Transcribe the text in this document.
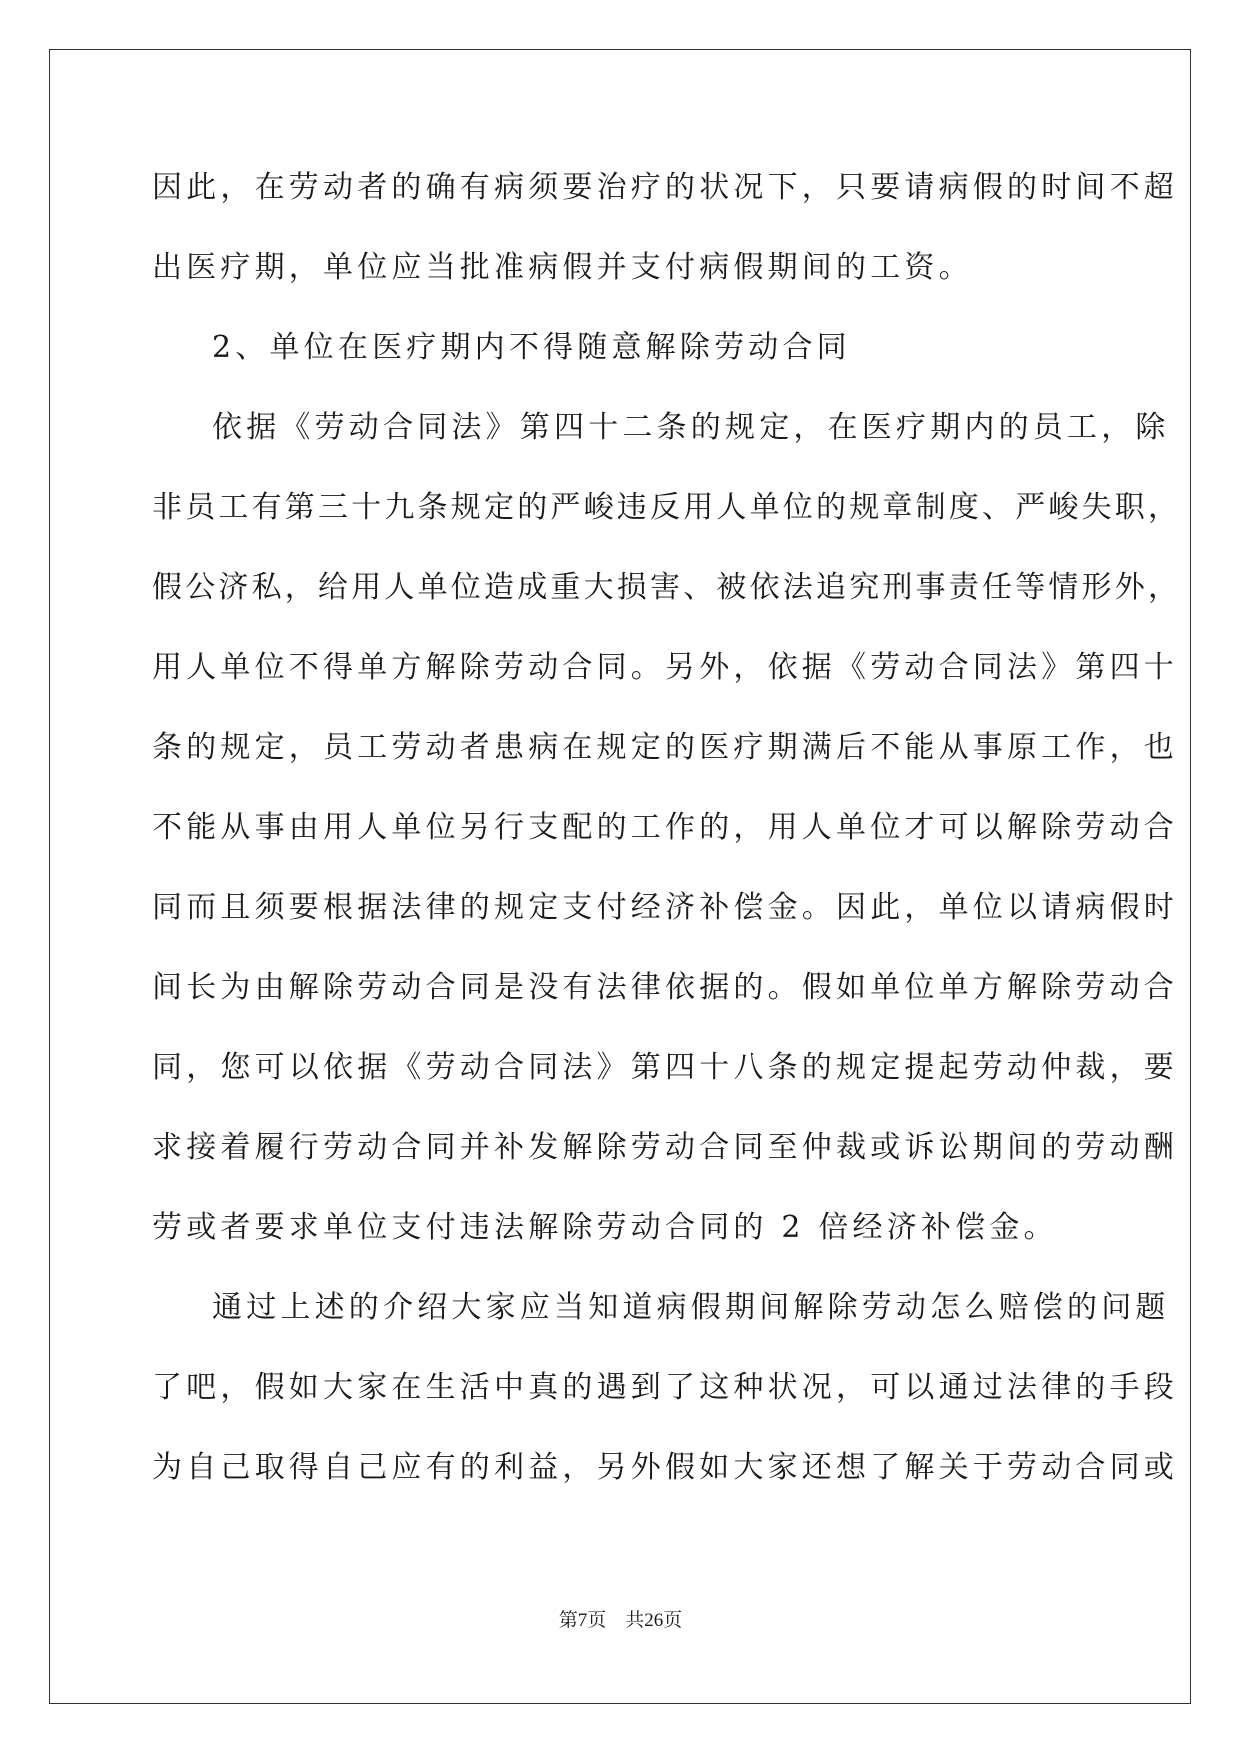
因此，在劳动者的确有病须要治疗的状况下，只要请病假的时间不超
出医疗期，单位应当批准病假并支付病假期间的工资。
2、单位在医疗期内不得随意解除劳动合同
依据《劳动合同法》第四十二条的规定，在医疗期内的员工，除
非员工有第三十九条规定的严峻违反用人单位的规章制度、严峻失职，
假公济私，给用人单位造成重大损害、被依法追究刑事责任等情形外，
用人单位不得单方解除劳动合同。另外，依据《劳动合同法》第四十
条的规定，员工劳动者患病在规定的医疗期满后不能从事原工作，也
不能从事由用人单位另行支配的工作的，用人单位才可以解除劳动合
同而且须要根据法律的规定支付经济补偿金。因此，单位以请病假时
间长为由解除劳动合同是没有法律依据的。假如单位单方解除劳动合
同，您可以依据《劳动合同法》第四十八条的规定提起劳动仲裁，要
求接着履行劳动合同并补发解除劳动合同至仲裁或诉讼期间的劳动酬
劳或者要求单位支付违法解除劳动合同的 2 倍经济补偿金。
通过上述的介绍大家应当知道病假期间解除劳动怎么赔偿的问题
了吧，假如大家在生活中真的遇到了这种状况，可以通过法律的手段
为自己取得自己应有的利益，另外假如大家还想了解关于劳动合同或
第7页　共26页
